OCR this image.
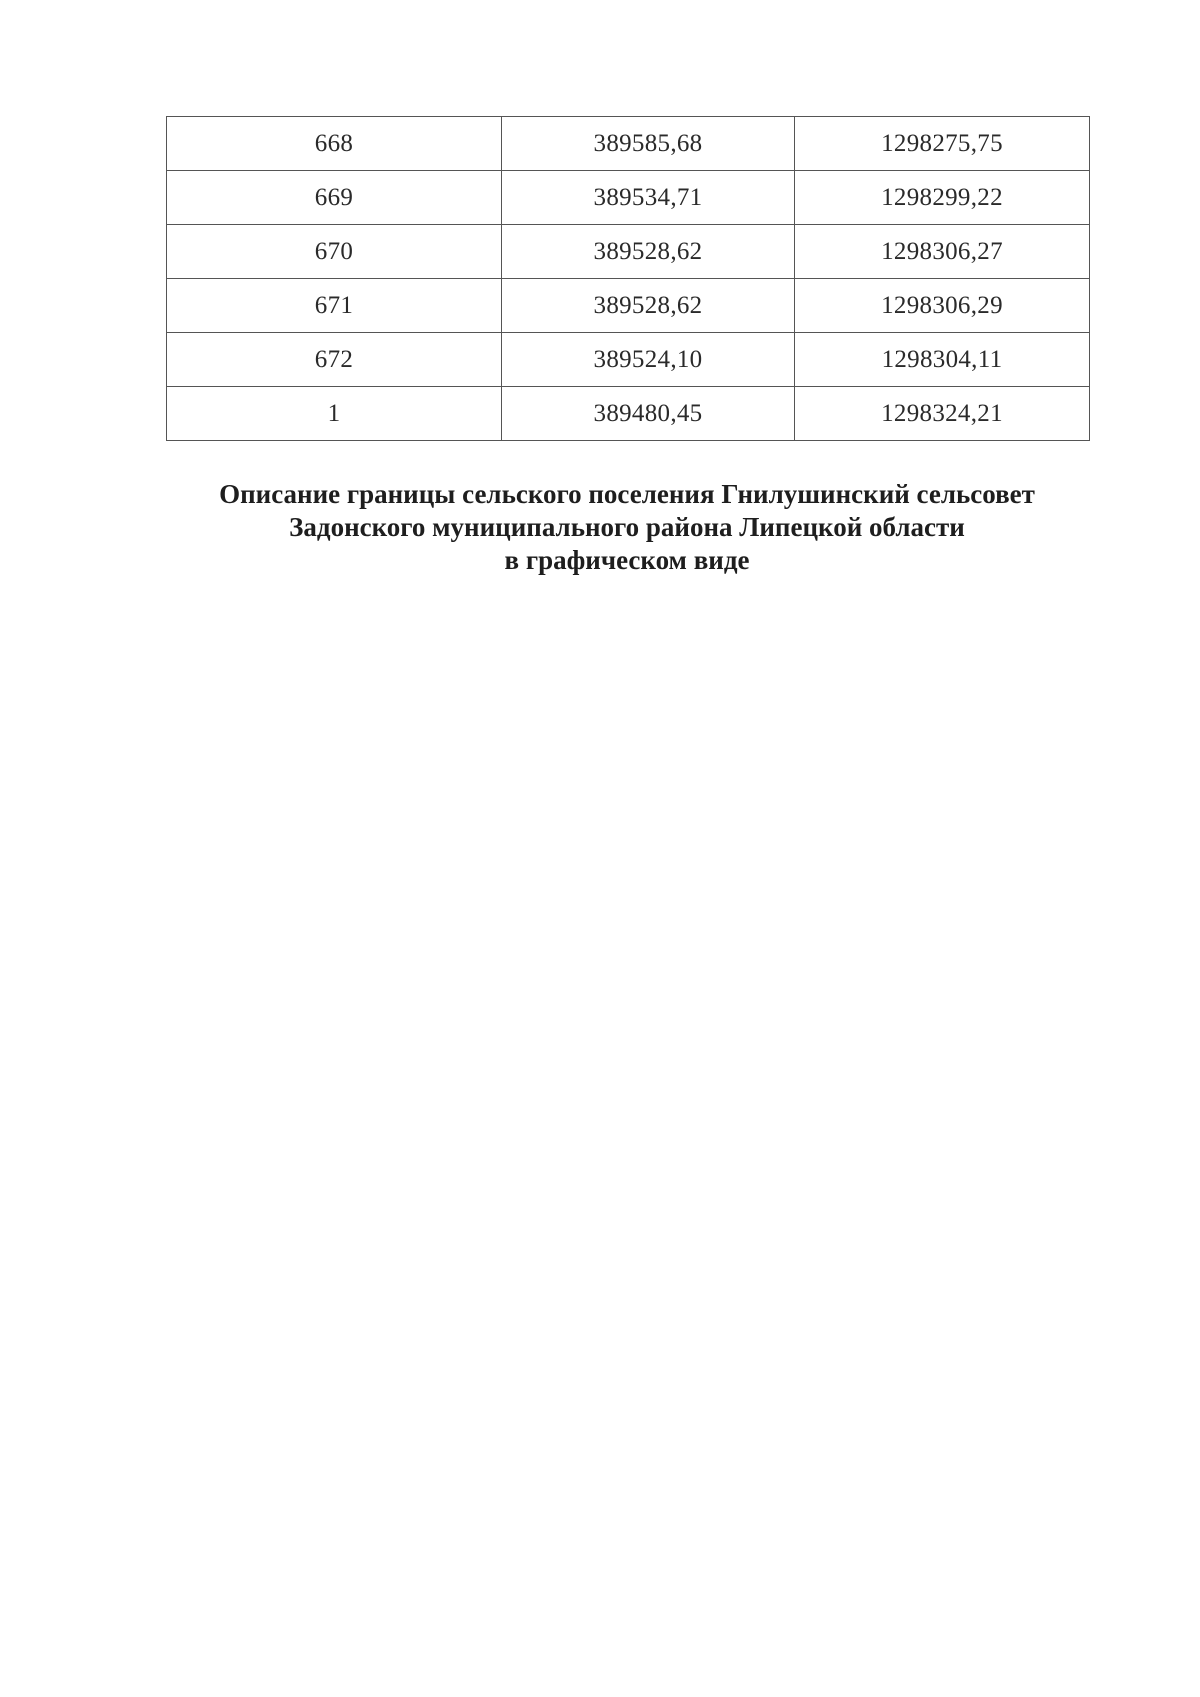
668	389585,68	1298275,75
669	389534,71	1298299,22
670	389528,62	1298306,27
671	389528,62	1298306,29
672	389524,10	1298304,11
1	389480,45	1298324,21
Описание границы сельского поселения Гнилушинский сельсовет
Задонского муниципального района Липецкой области
в графическом виде
